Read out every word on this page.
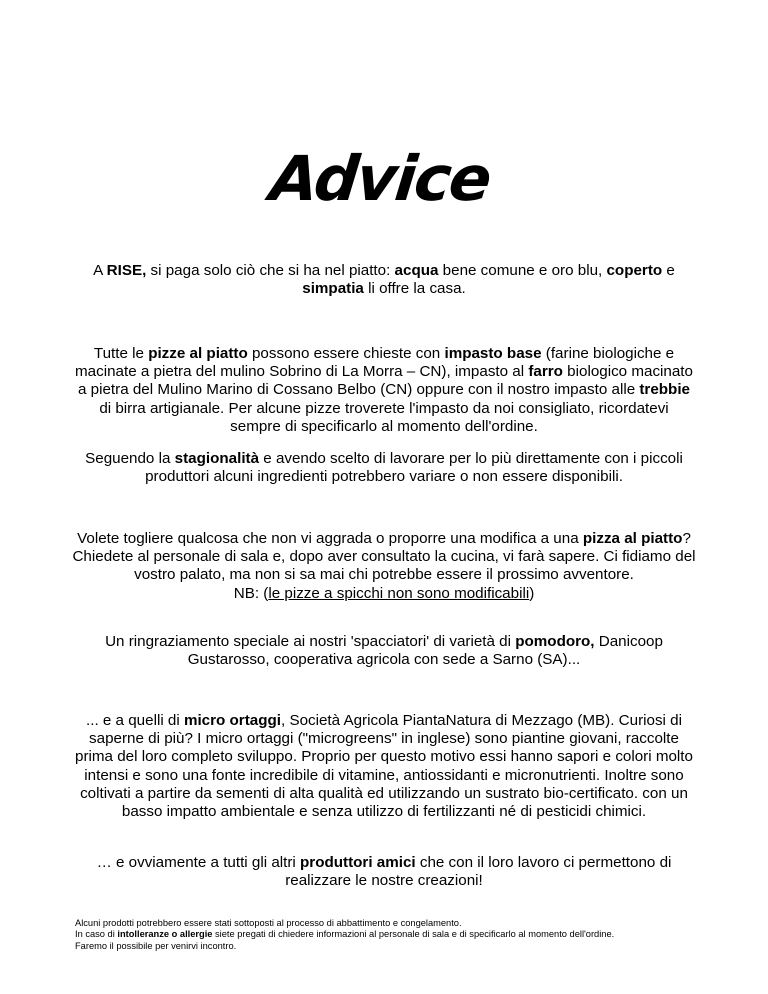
Advice

A RISE, si paga solo ciò che si ha nel piatto: acqua bene comune e oro blu, coperto e simpatia li offre la casa.

Tutte le pizze al piatto possono essere chieste con impasto base (farine biologiche e macinate a pietra del mulino Sobrino di La Morra – CN), impasto al farro biologico macinato a pietra del Mulino Marino di Cossano Belbo (CN) oppure con il nostro impasto alle trebbie di birra artigianale. Per alcune pizze troverete l'impasto da noi consigliato, ricordatevi sempre di specificarlo al momento dell'ordine.

Seguendo la stagionalità e avendo scelto di lavorare per lo più direttamente con i piccoli produttori alcuni ingredienti potrebbero variare o non essere disponibili.

Volete togliere qualcosa che non vi aggrada o proporre una modifica a una pizza al piatto? Chiedete al personale di sala e, dopo aver consultato la cucina, vi farà sapere. Ci fidiamo del vostro palato, ma non si sa mai chi potrebbe essere il prossimo avventore.
NB: (le pizze a spicchi non sono modificabili)

Un ringraziamento speciale ai nostri 'spacciatori' di varietà di pomodoro, Danicoop Gustarosso, cooperativa agricola con sede a Sarno (SA)...

... e a quelli di micro ortaggi, Società Agricola PiantaNatura di Mezzago (MB). Curiosi di saperne di più? I micro ortaggi ("microgreens" in inglese) sono piantine giovani, raccolte prima del loro completo sviluppo. Proprio per questo motivo essi hanno sapori e colori molto intensi e sono una fonte incredibile di vitamine, antiossidanti e micronutrienti. Inoltre sono coltivati a partire da sementi di alta qualità ed utilizzando un sustrato bio-certificato. con un basso impatto ambientale e senza utilizzo di fertilizzanti né di pesticidi chimici.

… e ovviamente a tutti gli altri produttori amici che con il loro lavoro ci permettono di realizzare le nostre creazioni!

Alcuni prodotti potrebbero essere stati sottoposti al processo di abbattimento e congelamento.
In caso di intolleranze o allergie siete pregati di chiedere informazioni al personale di sala e di specificarlo al momento dell'ordine.
Faremo il possibile per venirvi incontro.
